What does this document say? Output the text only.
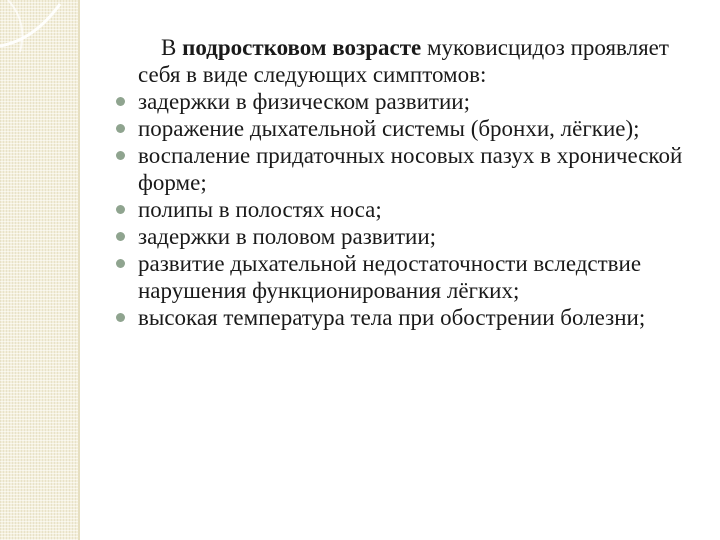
В подростковом возрасте муковисцидоз проявляет себя в виде следующих симптомов:

задержки в физическом развитии;
поражение дыхательной системы (бронхи, лёгкие);
воспаление придаточных носовых пазух в хронической форме;
полипы в полостях носа;
задержки в половом развитии;
развитие дыхательной недостаточности вследствие нарушения функционирования лёгких;
высокая температура тела при обострении болезни;
